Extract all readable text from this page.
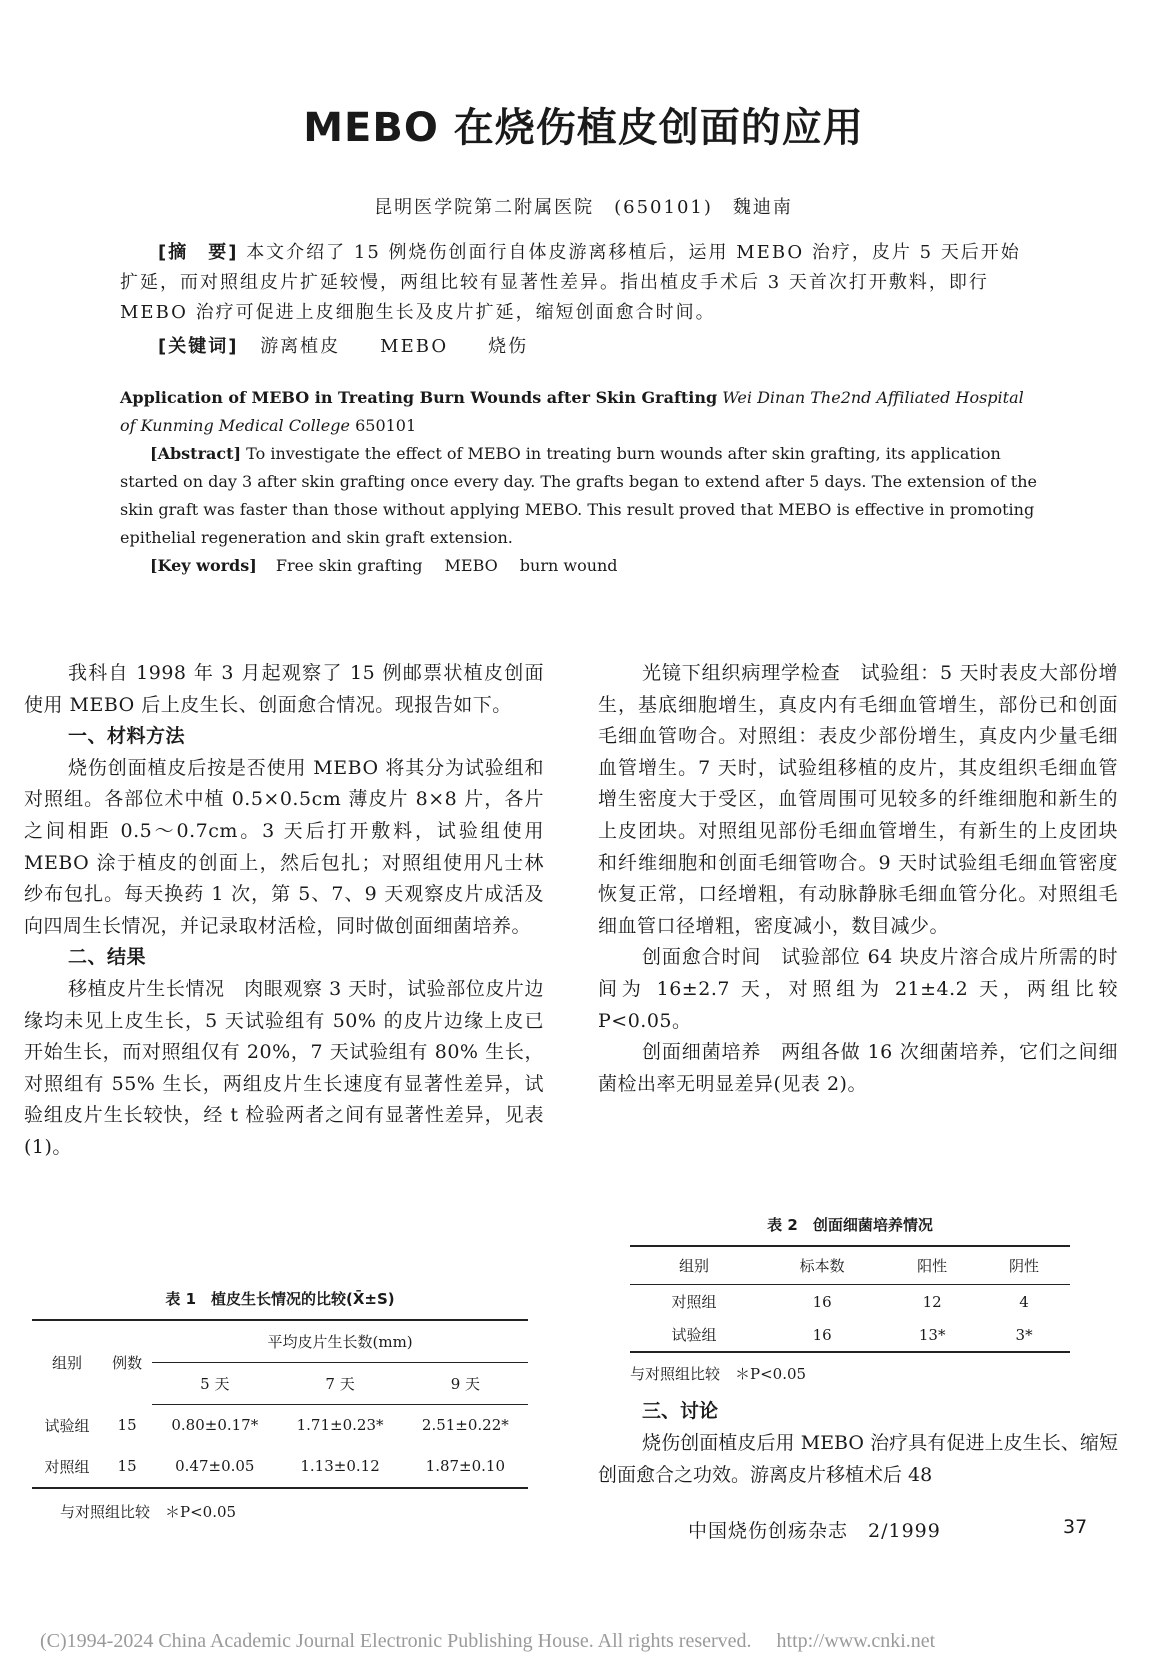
MEBO 在烧伤植皮创面的应用
昆明医学院第二附属医院　(650101)　魏迪南

[摘　要] 本文介绍了 15 例烧伤创面行自体皮游离移植后，运用 MEBO 治疗，皮片 5 天后开始扩延，而对照组皮片扩延较慢，两组比较有显著性差异。指出植皮手术后 3 天首次打开敷料，即行 MEBO 治疗可促进上皮细胞生长及皮片扩延，缩短创面愈合时间。

[关键词] 游离植皮　　MEBO　　烧伤

Application of MEBO in Treating Burn Wounds after Skin Grafting Wei Dinan The2nd Affiliated Hospital of Kunming Medical College 650101

[Abstract] To investigate the effect of MEBO in treating burn wounds after skin grafting, its application started on day 3 after skin grafting once every day. The grafts began to extend after 5 days. The extension of the skin graft was faster than those without applying MEBO. This result proved that MEBO is effective in promoting epithelial regeneration and skin graft extension.

[Key words] Free skin grafting MEBO burn wound

我科自 1998 年 3 月起观察了 15 例邮票状植皮创面使用 MEBO 后上皮生长、创面愈合情况。现报告如下。

一、材料方法

烧伤创面植皮后按是否使用 MEBO 将其分为试验组和对照组。各部位术中植 0.5×0.5cm 薄皮片 8×8 片，各片之间相距 0.5～0.7cm。3 天后打开敷料，试验组使用 MEBO 涂于植皮的创面上，然后包扎；对照组使用凡士林纱布包扎。每天换药 1 次，第 5、7、9 天观察皮片成活及向四周生长情况，并记录取材活检，同时做创面细菌培养。

二、结果

移植皮片生长情况　肉眼观察 3 天时，试验部位皮片边缘均未见上皮生长，5 天试验组有 50% 的皮片边缘上皮已开始生长，而对照组仅有 20%，7 天试验组有 80% 生长，对照组有 55% 生长，两组皮片生长速度有显著性差异，试验组皮片生长较快，经 t 检验两者之间有显著性差异，见表(1)。

表 1　植皮生长情况的比较(X̄±S)
组别	例数	平均皮片生长数(mm)		
		5 天	7 天	9 天
试验组	15	0.80±0.17*	1.71±0.23*	2.51±0.22*
对照组	15	0.47±0.05	1.13±0.12	1.87±0.10
与对照组比较　＊P<0.05

光镜下组织病理学检查　试验组：5 天时表皮大部份增生，基底细胞增生，真皮内有毛细血管增生，部份已和创面毛细血管吻合。对照组：表皮少部份增生，真皮内少量毛细血管增生。7 天时，试验组移植的皮片，其皮组织毛细血管增生密度大于受区，血管周围可见较多的纤维细胞和新生的上皮团块。对照组见部份毛细血管增生，有新生的上皮团块和纤维细胞和创面毛细管吻合。9 天时试验组毛细血管密度恢复正常，口经增粗，有动脉静脉毛细血管分化。对照组毛细血管口径增粗，密度减小，数目减少。

创面愈合时间　试验部位 64 块皮片溶合成片所需的时间为 16±2.7 天，对照组为 21±4.2 天，两组比较 P<0.05。

创面细菌培养　两组各做 16 次细菌培养，它们之间细菌检出率无明显差异(见表 2)。

表 2　创面细菌培养情况
组别	标本数	阳性	阴性
对照组	16	12	4
试验组	16	13*	3*
与对照组比较　＊P<0.05
三、讨论

烧伤创面植皮后用 MEBO 治疗具有促进上皮生长、缩短创面愈合之功效。游离皮片移植术后 48

中国烧伤创疡杂志　2/1999	37
(C)1994-2024 China Academic Journal Electronic Publishing House. All rights reserved.　 http://www.cnki.net
